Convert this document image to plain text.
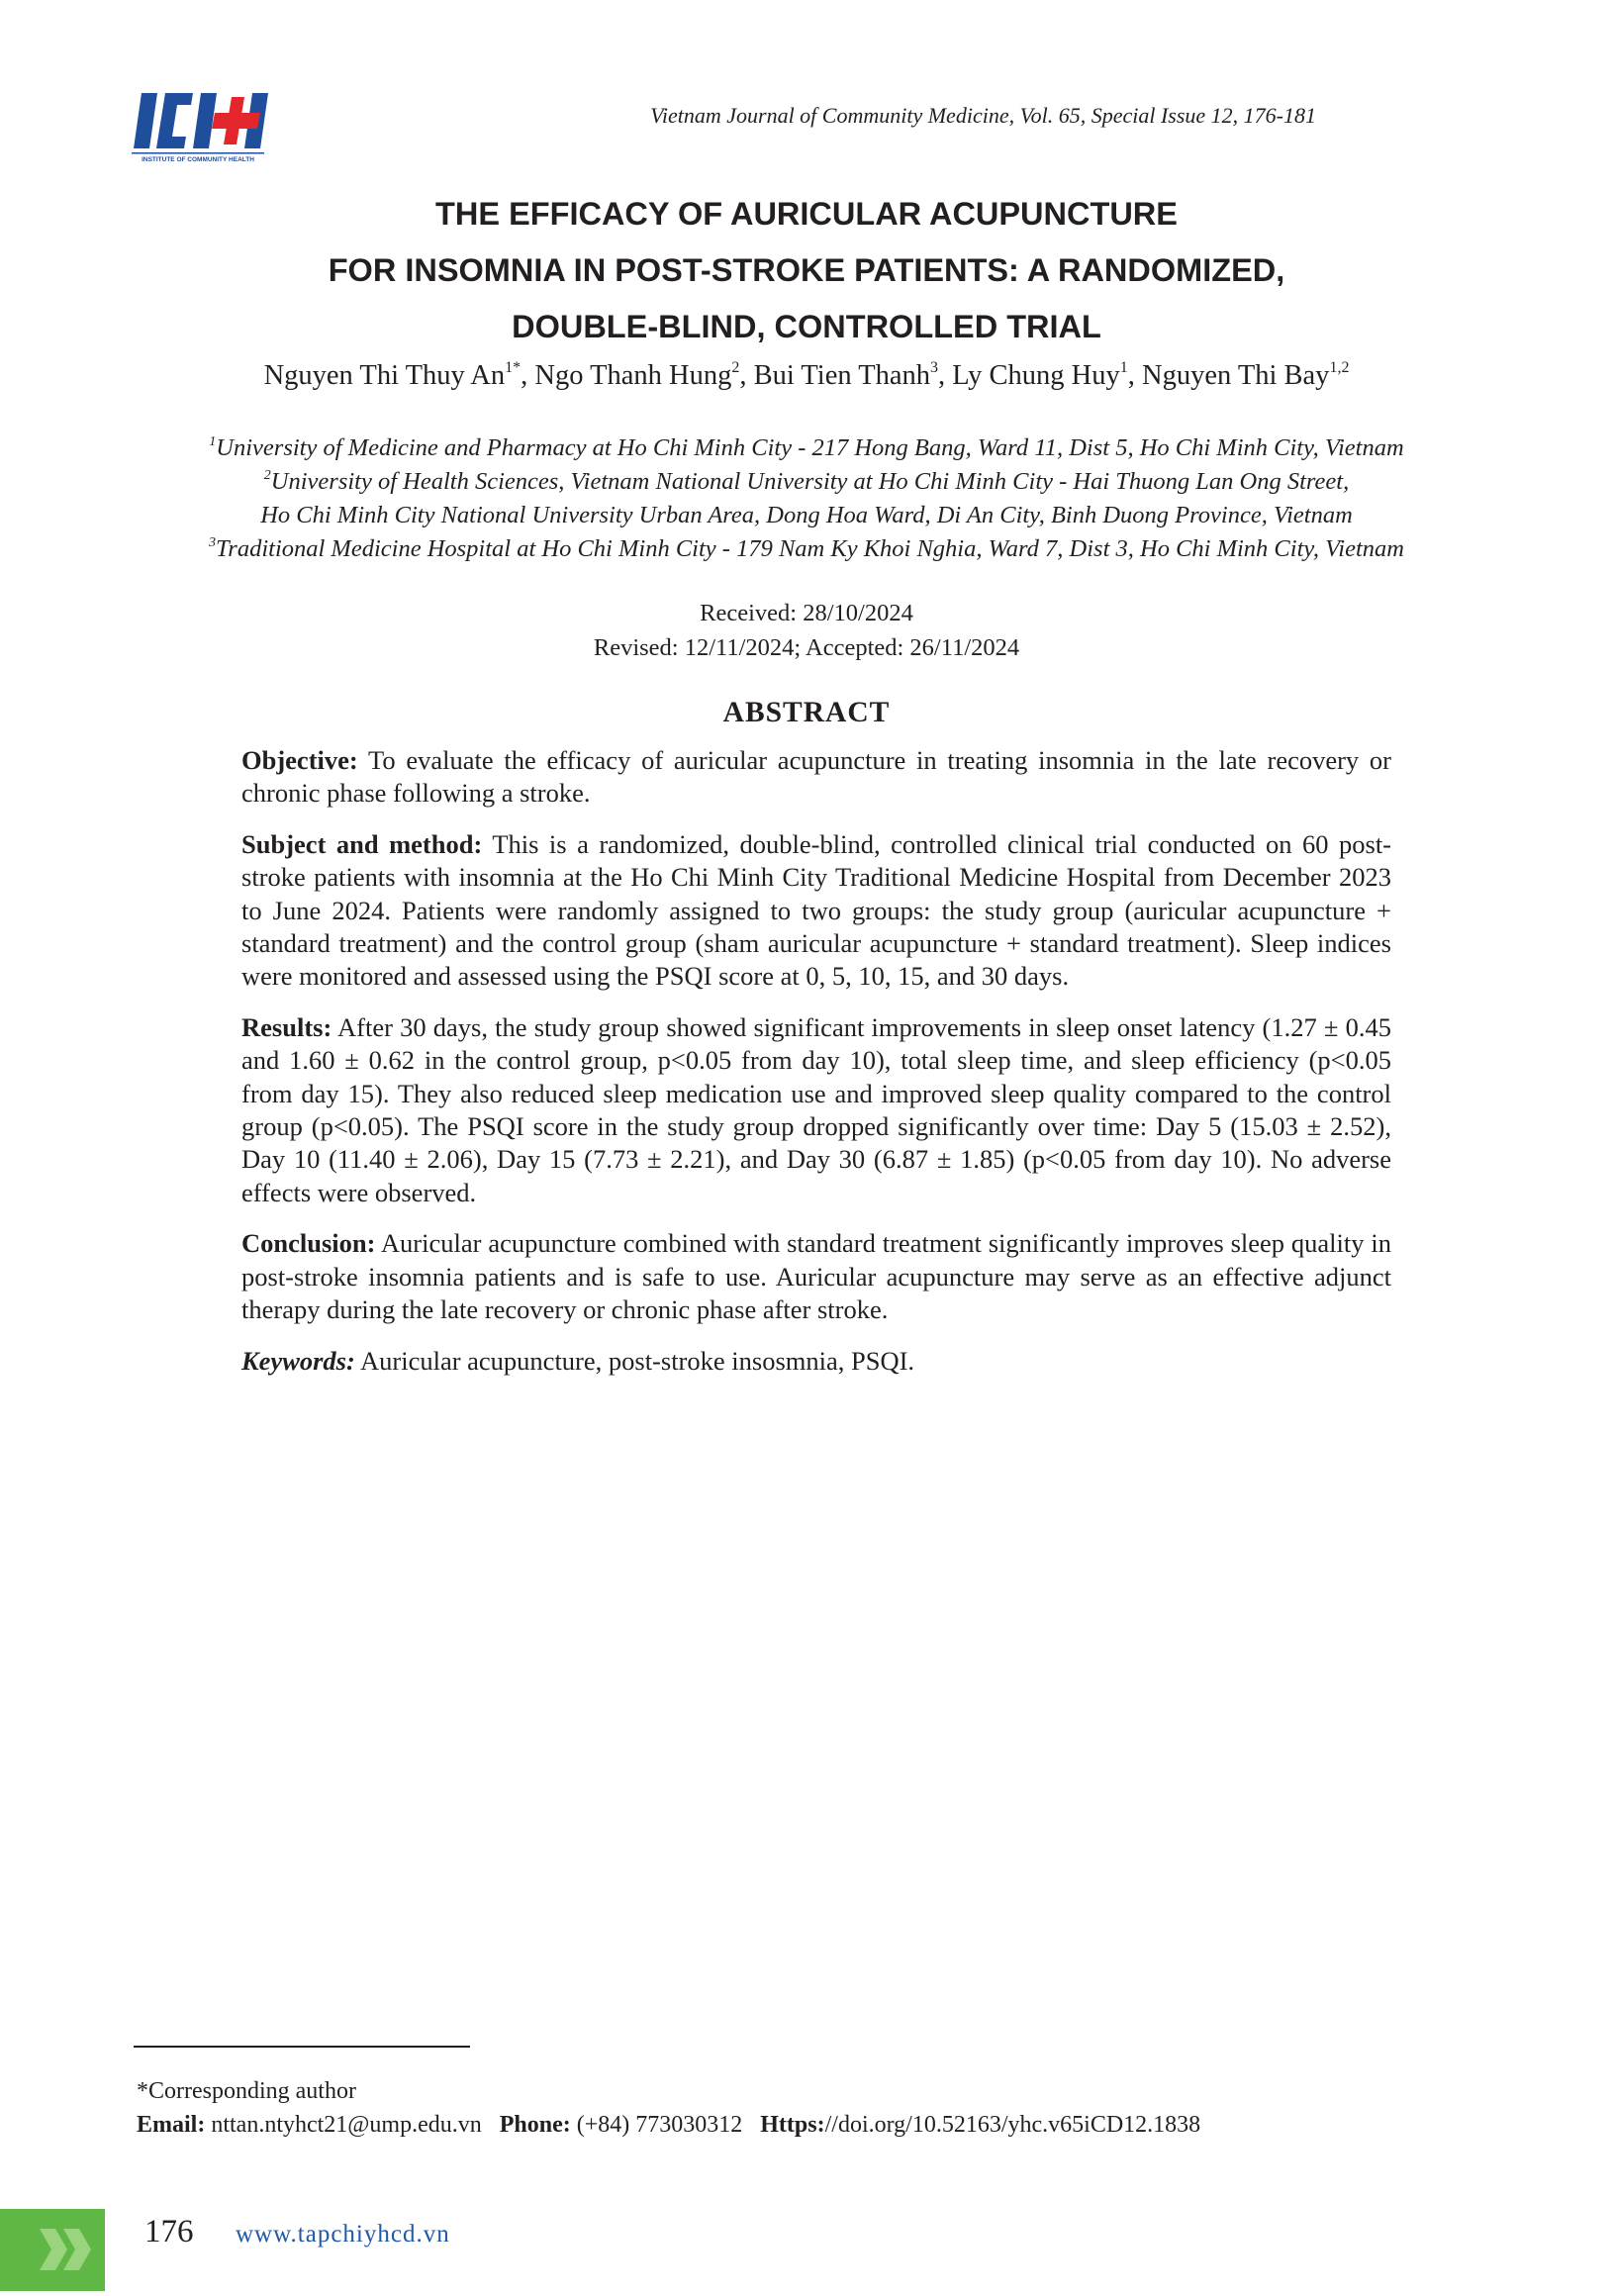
INSTITUTE OF COMMUNITY HEALTH
Vietnam Journal of Community Medicine, Vol. 65, Special Issue 12, 176-181
THE EFFICACY OF AURICULAR ACUPUNCTURE
FOR INSOMNIA IN POST-STROKE PATIENTS: A RANDOMIZED,
DOUBLE-BLIND, CONTROLLED TRIAL
Nguyen Thi Thuy $An^{1*}$, Ngo Thanh Hung$^2$, Bui Tien Thanh$^3$, Ly Chung Huy$^1$, Nguyen Thi Bay$^{1,2}$
$^1$University of Medicine and Pharmacy at Ho Chi Minh City - 217 Hong Bang, Ward 11, Dist 5, Ho Chi Minh City, Vietnam
$^2$University of Health Sciences, Vietnam National University at Ho Chi Minh City - Hai Thuong Lan Ong Street,
Ho Chi Minh City National University Urban Area, Dong Hoa Ward, Di An City, Binh Duong Province, Vietnam
$^3$Traditional Medicine Hospital at Ho Chi Minh City - 179 Nam Ky Khoi Nghia, Ward 7, Dist 3, Ho Chi Minh City, Vietnam
Received: 28/10/2024
Revised: 12/11/2024; Accepted: 26/11/2024
ABSTRACT

Objective: To evaluate the efficacy of auricular acupuncture in treating insomnia in the late recovery or chronic phase following a stroke.

Subject and method: This is a randomized, double-blind, controlled clinical trial conducted on 60 post-stroke patients with insomnia at the Ho Chi Minh City Traditional Medicine Hospital from December 2023 to June 2024. Patients were randomly assigned to two groups: the study group (auricular acupuncture + standard treatment) and the control group (sham auricular acupuncture + standard treatment). Sleep indices were monitored and assessed using the PSQI score at 0, 5, 10, 15, and 30 days.

Results: After 30 days, the study group showed significant improvements in sleep onset latency (1.27 ± 0.45 and 1.60 ± 0.62 in the control group, p<0.05 from day 10), total sleep time, and sleep efficiency (p<0.05 from day 15). They also reduced sleep medication use and improved sleep quality compared to the control group (p<0.05). The PSQI score in the study group dropped significantly over time: Day 5 (15.03 ± 2.52), Day 10 (11.40 ± 2.06), Day 15 (7.73 ± 2.21), and Day 30 (6.87 ± 1.85) (p<0.05 from day 10). No adverse effects were observed.

Conclusion: Auricular acupuncture combined with standard treatment significantly improves sleep quality in post-stroke insomnia patients and is safe to use. Auricular acupuncture may serve as an effective adjunct therapy during the late recovery or chronic phase after stroke.

Keywords: Auricular acupuncture, post-stroke insosmnia, PSQI.

*Corresponding author
Email: nttan.ntyhct21@ump.edu.vn Phone: (+84) 773030312 Https://doi.org/10.52163/yhc.v65iCD12.1838
176 www.tapchiyhcd.vn
